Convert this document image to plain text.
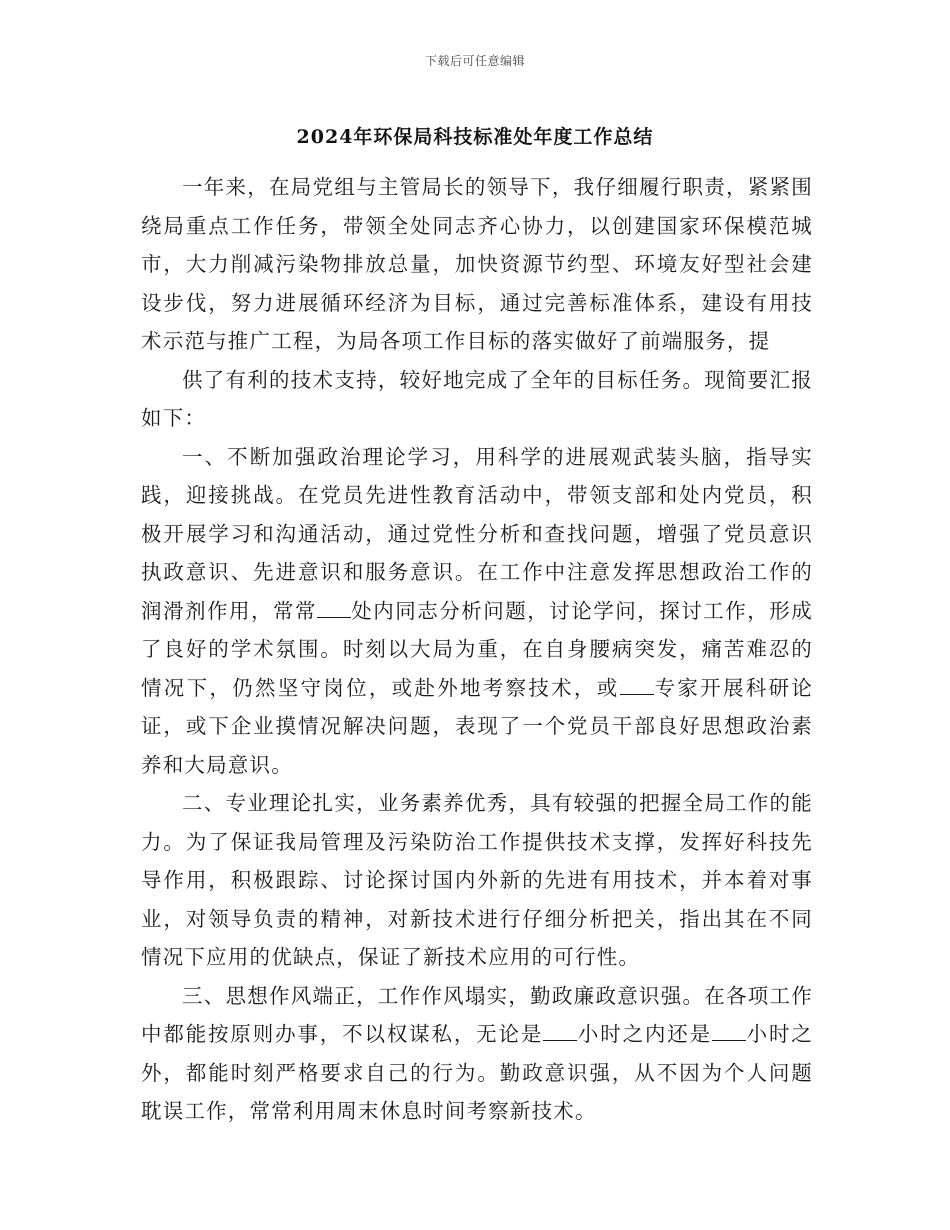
下载后可任意编辑
2024年环保局科技标准处年度工作总结

一年来，在局党组与主管局长的领导下，我仔细履行职责，紧紧围绕局重点工作任务，带领全处同志齐心协力，以创建国家环保模范城市，大力削减污染物排放总量，加快资源节约型、环境友好型社会建设步伐，努力进展循环经济为目标，通过完善标准体系，建设有用技术示范与推广工程，为局各项工作目标的落实做好了前端服务，提

供了有利的技术支持，较好地完成了全年的目标任务。现简要汇报如下：

一、不断加强政治理论学习，用科学的进展观武装头脑，指导实践，迎接挑战。在党员先进性教育活动中，带领支部和处内党员，积极开展学习和沟通活动，通过党性分析和查找问题，增强了党员意识执政意识、先进意识和服务意识。在工作中注意发挥思想政治工作的润滑剂作用，常常 处内同志分析问题，讨论学问，探讨工作，形成了良好的学术氛围。时刻以大局为重，在自身腰病突发，痛苦难忍的情况下，仍然坚守岗位，或赴外地考察技术，或 专家开展科研论证，或下企业摸情况解决问题，表现了一个党员干部良好思想政治素养和大局意识。

二、专业理论扎实，业务素养优秀，具有较强的把握全局工作的能力。为了保证我局管理及污染防治工作提供技术支撑，发挥好科技先导作用，积极跟踪、讨论探讨国内外新的先进有用技术，并本着对事业，对领导负责的精神，对新技术进行仔细分析把关，指出其在不同情况下应用的优缺点，保证了新技术应用的可行性。

三、思想作风端正，工作作风塌实，勤政廉政意识强。在各项工作中都能按原则办事，不以权谋私，无论是 小时之内还是 小时之外，都能时刻严格要求自己的行为。勤政意识强，从不因为个人问题耽误工作，常常利用周末休息时间考察新技术。
